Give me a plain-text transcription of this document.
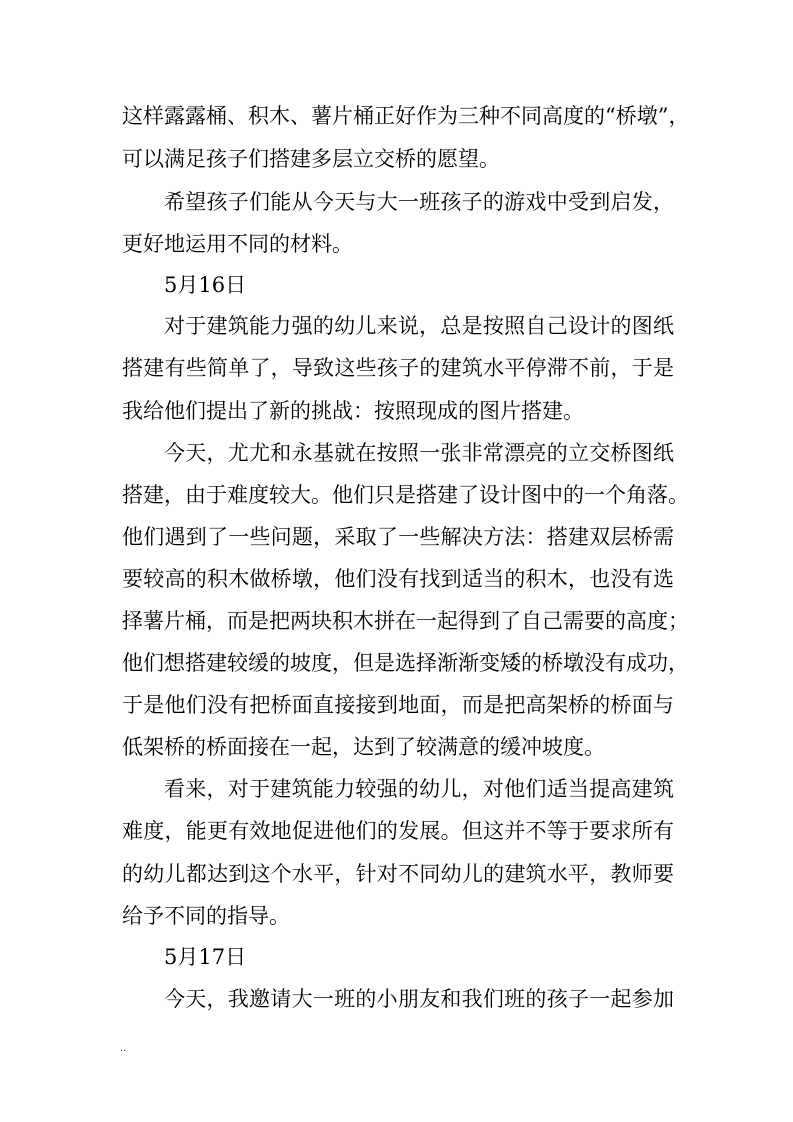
这样露露桶、积木、薯片桶正好作为三种不同高度的“桥墩”，
可以满足孩子们搭建多层立交桥的愿望。
希望孩子们能从今天与大一班孩子的游戏中受到启发，
更好地运用不同的材料。
5月16日
对于建筑能力强的幼儿来说，总是按照自己设计的图纸
搭建有些简单了，导致这些孩子的建筑水平停滞不前，于是
我给他们提出了新的挑战：按照现成的图片搭建。
今天，尤尤和永基就在按照一张非常漂亮的立交桥图纸
搭建，由于难度较大。他们只是搭建了设计图中的一个角落。
他们遇到了一些问题，采取了一些解决方法：搭建双层桥需
要较高的积木做桥墩，他们没有找到适当的积木，也没有选
择薯片桶，而是把两块积木拼在一起得到了自己需要的高度；
他们想搭建较缓的坡度，但是选择渐渐变矮的桥墩没有成功，
于是他们没有把桥面直接接到地面，而是把高架桥的桥面与
低架桥的桥面接在一起，达到了较满意的缓冲坡度。
看来，对于建筑能力较强的幼儿，对他们适当提高建筑
难度，能更有效地促进他们的发展。但这并不等于要求所有
的幼儿都达到这个水平，针对不同幼儿的建筑水平，教师要
给予不同的指导。
5月17日
今天，我邀请大一班的小朋友和我们班的孩子一起参加
..
